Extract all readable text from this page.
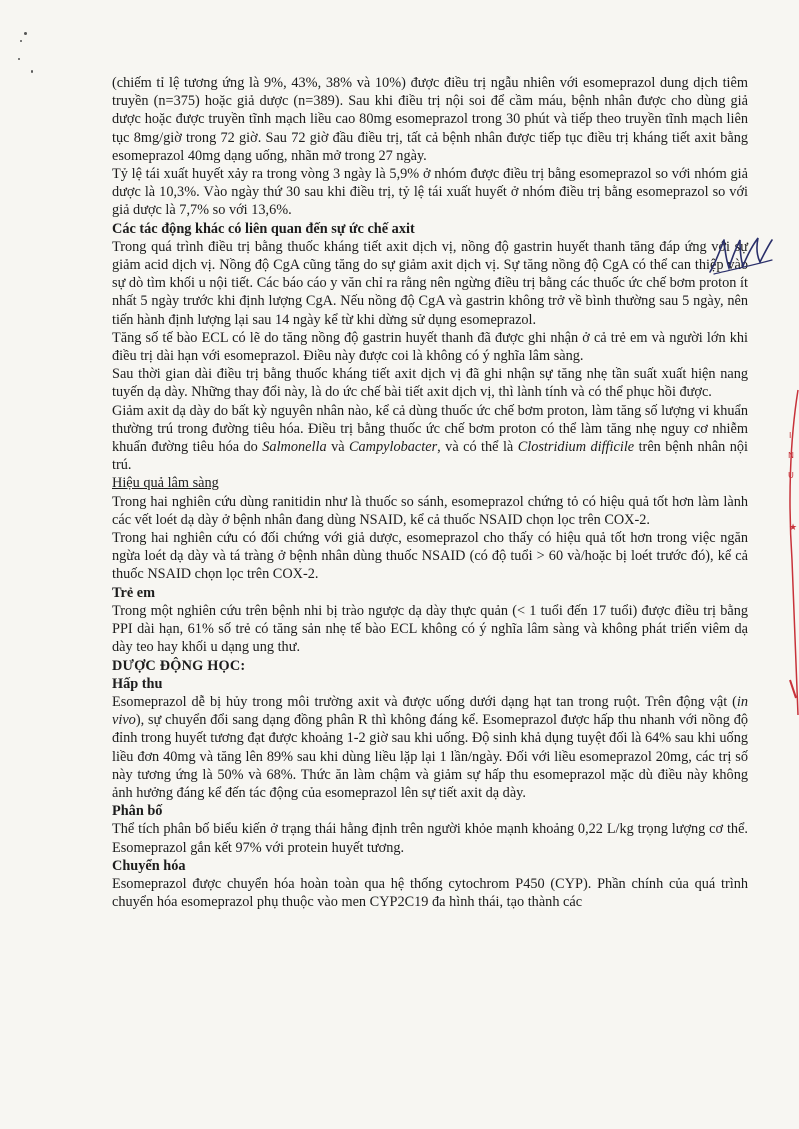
(chiếm tỉ lệ tương ứng là 9%, 43%, 38% và 10%) được điều trị ngẫu nhiên với esomeprazol dung dịch tiêm truyền (n=375) hoặc giả dược (n=389). Sau khi điều trị nội soi để cầm máu, bệnh nhân được cho dùng giả dược hoặc được truyền tĩnh mạch liều cao 80mg esomeprazol trong 30 phút và tiếp theo truyền tĩnh mạch liên tục 8mg/giờ trong 72 giờ. Sau 72 giờ đầu điều trị, tất cả bệnh nhân được tiếp tục điều trị kháng tiết axit bằng esomeprazol 40mg dạng uống, nhãn mở trong 27 ngày.

Tỷ lệ tái xuất huyết xảy ra trong vòng 3 ngày là 5,9% ở nhóm được điều trị bằng esomeprazol so với nhóm giả dược là 10,3%. Vào ngày thứ 30 sau khi điều trị, tỷ lệ tái xuất huyết ở nhóm điều trị bằng esomeprazol so với giả dược là 7,7% so với 13,6%.

Các tác động khác có liên quan đến sự ức chế axit

Trong quá trình điều trị bằng thuốc kháng tiết axit dịch vị, nồng độ gastrin huyết thanh tăng đáp ứng với sự giảm acid dịch vị. Nồng độ CgA cũng tăng do sự giảm axit dịch vị. Sự tăng nồng độ CgA có thể can thiệp vào sự dò tìm khối u nội tiết. Các báo cáo y văn chỉ ra rằng nên ngừng điều trị bằng các thuốc ức chế bơm proton ít nhất 5 ngày trước khi định lượng CgA. Nếu nồng độ CgA và gastrin không trở về bình thường sau 5 ngày, nên tiến hành định lượng lại sau 14 ngày kể từ khi dừng sử dụng esomeprazol.

Tăng số tế bào ECL có lẽ do tăng nồng độ gastrin huyết thanh đã được ghi nhận ở cả trẻ em và người lớn khi điều trị dài hạn với esomeprazol. Điều này được coi là không có ý nghĩa lâm sàng.

Sau thời gian dài điều trị bằng thuốc kháng tiết axit dịch vị đã ghi nhận sự tăng nhẹ tần suất xuất hiện nang tuyến dạ dày. Những thay đổi này, là do ức chế bài tiết axit dịch vị, thì lành tính và có thể phục hồi được.

Giảm axit dạ dày do bất kỳ nguyên nhân nào, kể cả dùng thuốc ức chế bơm proton, làm tăng số lượng vi khuẩn thường trú trong đường tiêu hóa. Điều trị bằng thuốc ức chế bơm proton có thể làm tăng nhẹ nguy cơ nhiễm khuẩn đường tiêu hóa do Salmonella và Campylobacter, và có thể là Clostridium difficile trên bệnh nhân nội trú.

Hiệu quả lâm sàng

Trong hai nghiên cứu dùng ranitidin như là thuốc so sánh, esomeprazol chứng tỏ có hiệu quả tốt hơn làm lành các vết loét dạ dày ở bệnh nhân đang dùng NSAID, kể cả thuốc NSAID chọn lọc trên COX-2.

Trong hai nghiên cứu có đối chứng với giả dược, esomeprazol cho thấy có hiệu quả tốt hơn trong việc ngăn ngừa loét dạ dày và tá tràng ở bệnh nhân dùng thuốc NSAID (có độ tuổi > 60 và/hoặc bị loét trước đó), kể cả thuốc NSAID chọn lọc trên COX-2.

Trẻ em

Trong một nghiên cứu trên bệnh nhi bị trào ngược dạ dày thực quản (< 1 tuổi đến 17 tuổi) được điều trị bằng PPI dài hạn, 61% số trẻ có tăng sản nhẹ tế bào ECL không có ý nghĩa lâm sàng và không phát triển viêm dạ dày teo hay khối u dạng ung thư.

DƯỢC ĐỘNG HỌC:

Hấp thu

Esomeprazol dễ bị hủy trong môi trường axit và được uống dưới dạng hạt tan trong ruột. Trên động vật (in vivo), sự chuyển đổi sang dạng đồng phân R thì không đáng kể. Esomeprazol được hấp thu nhanh với nồng độ đỉnh trong huyết tương đạt được khoảng 1-2 giờ sau khi uống. Độ sinh khả dụng tuyệt đối là 64% sau khi uống liều đơn 40mg và tăng lên 89% sau khi dùng liều lặp lại 1 lần/ngày. Đối với liều esomeprazol 20mg, các trị số này tương ứng là 50% và 68%. Thức ăn làm chậm và giảm sự hấp thu esomeprazol mặc dù điều này không ảnh hưởng đáng kể đến tác động của esomeprazol lên sự tiết axit dạ dày.

Phân bố

Thể tích phân bố biểu kiến ở trạng thái hằng định trên người khỏe mạnh khoảng 0,22 L/kg trọng lượng cơ thể. Esomeprazol gắn kết 97% với protein huyết tương.

Chuyển hóa

Esomeprazol được chuyển hóa hoàn toàn qua hệ thống cytochrom P450 (CYP). Phần chính của quá trình chuyển hóa esomeprazol phụ thuộc vào men CYP2C19 đa hình thái, tạo thành các

I
N
U
★
